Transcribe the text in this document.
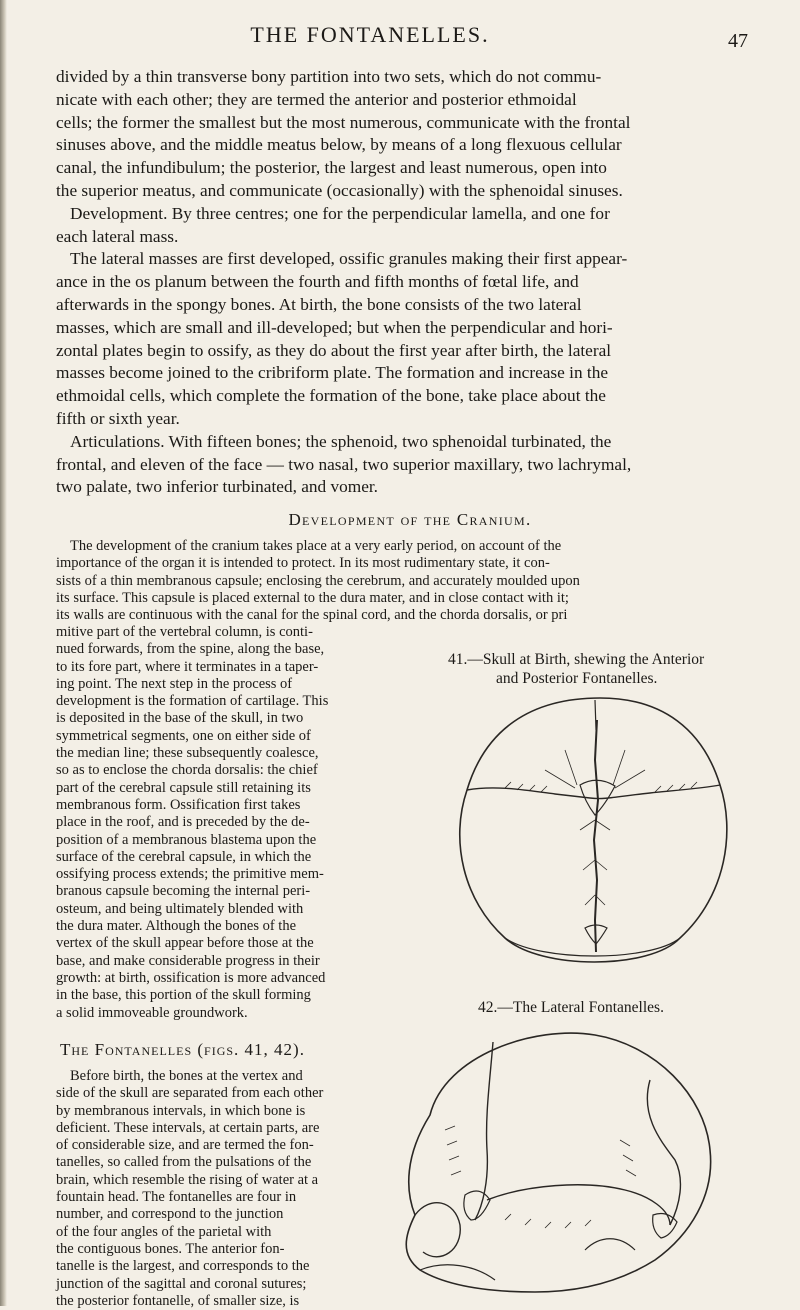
THE FONTANELLES.	47
divided by a thin transverse bony partition into two sets, which do not commu-
nicate with each other; they are termed the anterior and posterior ethmoidal
cells; the former the smallest but the most numerous, communicate with the frontal
sinuses above, and the middle meatus below, by means of a long flexuous cellular
canal, the infundibulum; the posterior, the largest and least numerous, open into
the superior meatus, and communicate (occasionally) with the sphenoidal sinuses.
Development. By three centres; one for the perpendicular lamella, and one for
each lateral mass.
The lateral masses are first developed, ossific granules making their first appear-
ance in the os planum between the fourth and fifth months of fœtal life, and
afterwards in the spongy bones. At birth, the bone consists of the two lateral
masses, which are small and ill-developed; but when the perpendicular and hori-
zontal plates begin to ossify, as they do about the first year after birth, the lateral
masses become joined to the cribriform plate. The formation and increase in the
ethmoidal cells, which complete the formation of the bone, take place about the
fifth or sixth year.
Articulations. With fifteen bones; the sphenoid, two sphenoidal turbinated, the
frontal, and eleven of the face — two nasal, two superior maxillary, two lachrymal,
two palate, two inferior turbinated, and vomer.
Development of the Cranium.
The development of the cranium takes place at a very early period, on account of the
importance of the organ it is intended to protect. In its most rudimentary state, it con-
sists of a thin membranous capsule; enclosing the cerebrum, and accurately moulded upon
its surface. This capsule is placed external to the dura mater, and in close contact with it;
its walls are continuous with the canal for the spinal cord, and the chorda dorsalis, or pri
mitive part of the vertebral column, is conti-
nued forwards, from the spine, along the base,
to its fore part, where it terminates in a taper-
ing point. The next step in the process of
development is the formation of cartilage. This
is deposited in the base of the skull, in two
symmetrical segments, one on either side of
the median line; these subsequently coalesce,
so as to enclose the chorda dorsalis: the chief
part of the cerebral capsule still retaining its
membranous form. Ossification first takes
place in the roof, and is preceded by the de-
position of a membranous blastema upon the
surface of the cerebral capsule, in which the
ossifying process extends; the primitive mem-
branous capsule becoming the internal peri-
osteum, and being ultimately blended with
the dura mater. Although the bones of the
vertex of the skull appear before those at the
base, and make considerable progress in their
growth: at birth, ossification is more advanced
in the base, this portion of the skull forming
a solid immoveable groundwork.
The Fontanelles (figs. 41, 42).
Before birth, the bones at the vertex and
side of the skull are separated from each other
by membranous intervals, in which bone is
deficient. These intervals, at certain parts, are
of considerable size, and are termed the fon-
tanelles, so called from the pulsations of the
brain, which resemble the rising of water at a
fountain head. The fontanelles are four in
number, and correspond to the junction
of the four angles of the parietal with
the contiguous bones. The anterior fon-
tanelle is the largest, and corresponds to the
junction of the sagittal and coronal sutures;
the posterior fontanelle, of smaller size, is
41.—Skull at Birth, shewing the Anterior
and Posterior Fontanelles.
42.—The Lateral Fontanelles.
